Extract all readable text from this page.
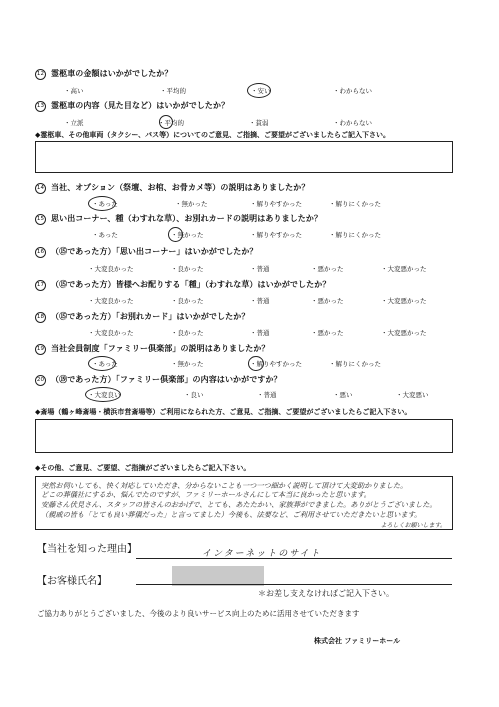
12 霊柩車の金額はいかがでしたか？
・高い	・平均的	・安い	・わからない
13 霊柩車の内容（見た目など）はいかがでしたか？
・立派	・平均的	・貧弱	・わからない
◆霊柩車、その他車両（タクシー、バス等）についてのご意見、ご指摘、ご要望がございましたらご記入下さい。
14 当社、オプション（祭壇、お棺、お骨カメ等）の説明はありましたか？
・あった	・無かった	・解りやすかった	・解りにくかった
15 思い出コーナー、種（わすれな草）、お別れカードの説明はありましたか？
・あった	・無かった	・解りやすかった	・解りにくかった
16 （⑮であった方）「思い出コーナー」はいかがでしたか？
・大変良かった	・良かった	・普通	・悪かった	・大変悪かった
17 （⑮であった方）皆様へお配りする「種」（わすれな草）はいかがでしたか？
・大変良かった	・良かった	・普通	・悪かった	・大変悪かった
18 （⑮であった方）「お別れカード」はいかがでしたか？
・大変良かった	・良かった	・普通	・悪かった	・大変悪かった
19 当社会員制度「ファミリー倶楽部」の説明はありましたか？
・あった	・無かった	・解りやすかった	・解りにくかった
20 （⑲であった方）「ファミリー倶楽部」の内容はいかがですか？
・大変良い	・良い	・普通	・悪い	・大変悪い
◆斎場（鶴ヶ峰斎場・横浜市営斎場等）ご利用になられた方、ご意見、ご指摘、ご要望がございましたらご記入下さい。
◆その他、ご意見、ご要望、ご指摘がございましたらご記入下さい。
突然お伺いしても、快く対応していただき、分からないことも一つ一つ細かく説明して頂けて大変助かりました。
どこの葬儀社にするか、悩んでたのですが、ファミリーホールさんにして本当に良かったと思います。
安藤さん伏見さん、スタッフの皆さんのおかげで、とても、あたたかい、家族葬ができました。ありがとうございました。
（親戚の皆も「とても良い葬儀だった」と言ってました）今後も、法要など、ご利用させていただきたいと思います。
よろしくお願いします。
【当社を知った理由】	インターネットのサイト
【お客様氏名】
＊お差し支えなければご記入下さい。
ご協力ありがとうございました、今後のより良いサービス向上のために活用させていただきます
株式会社 ファミリーホール
